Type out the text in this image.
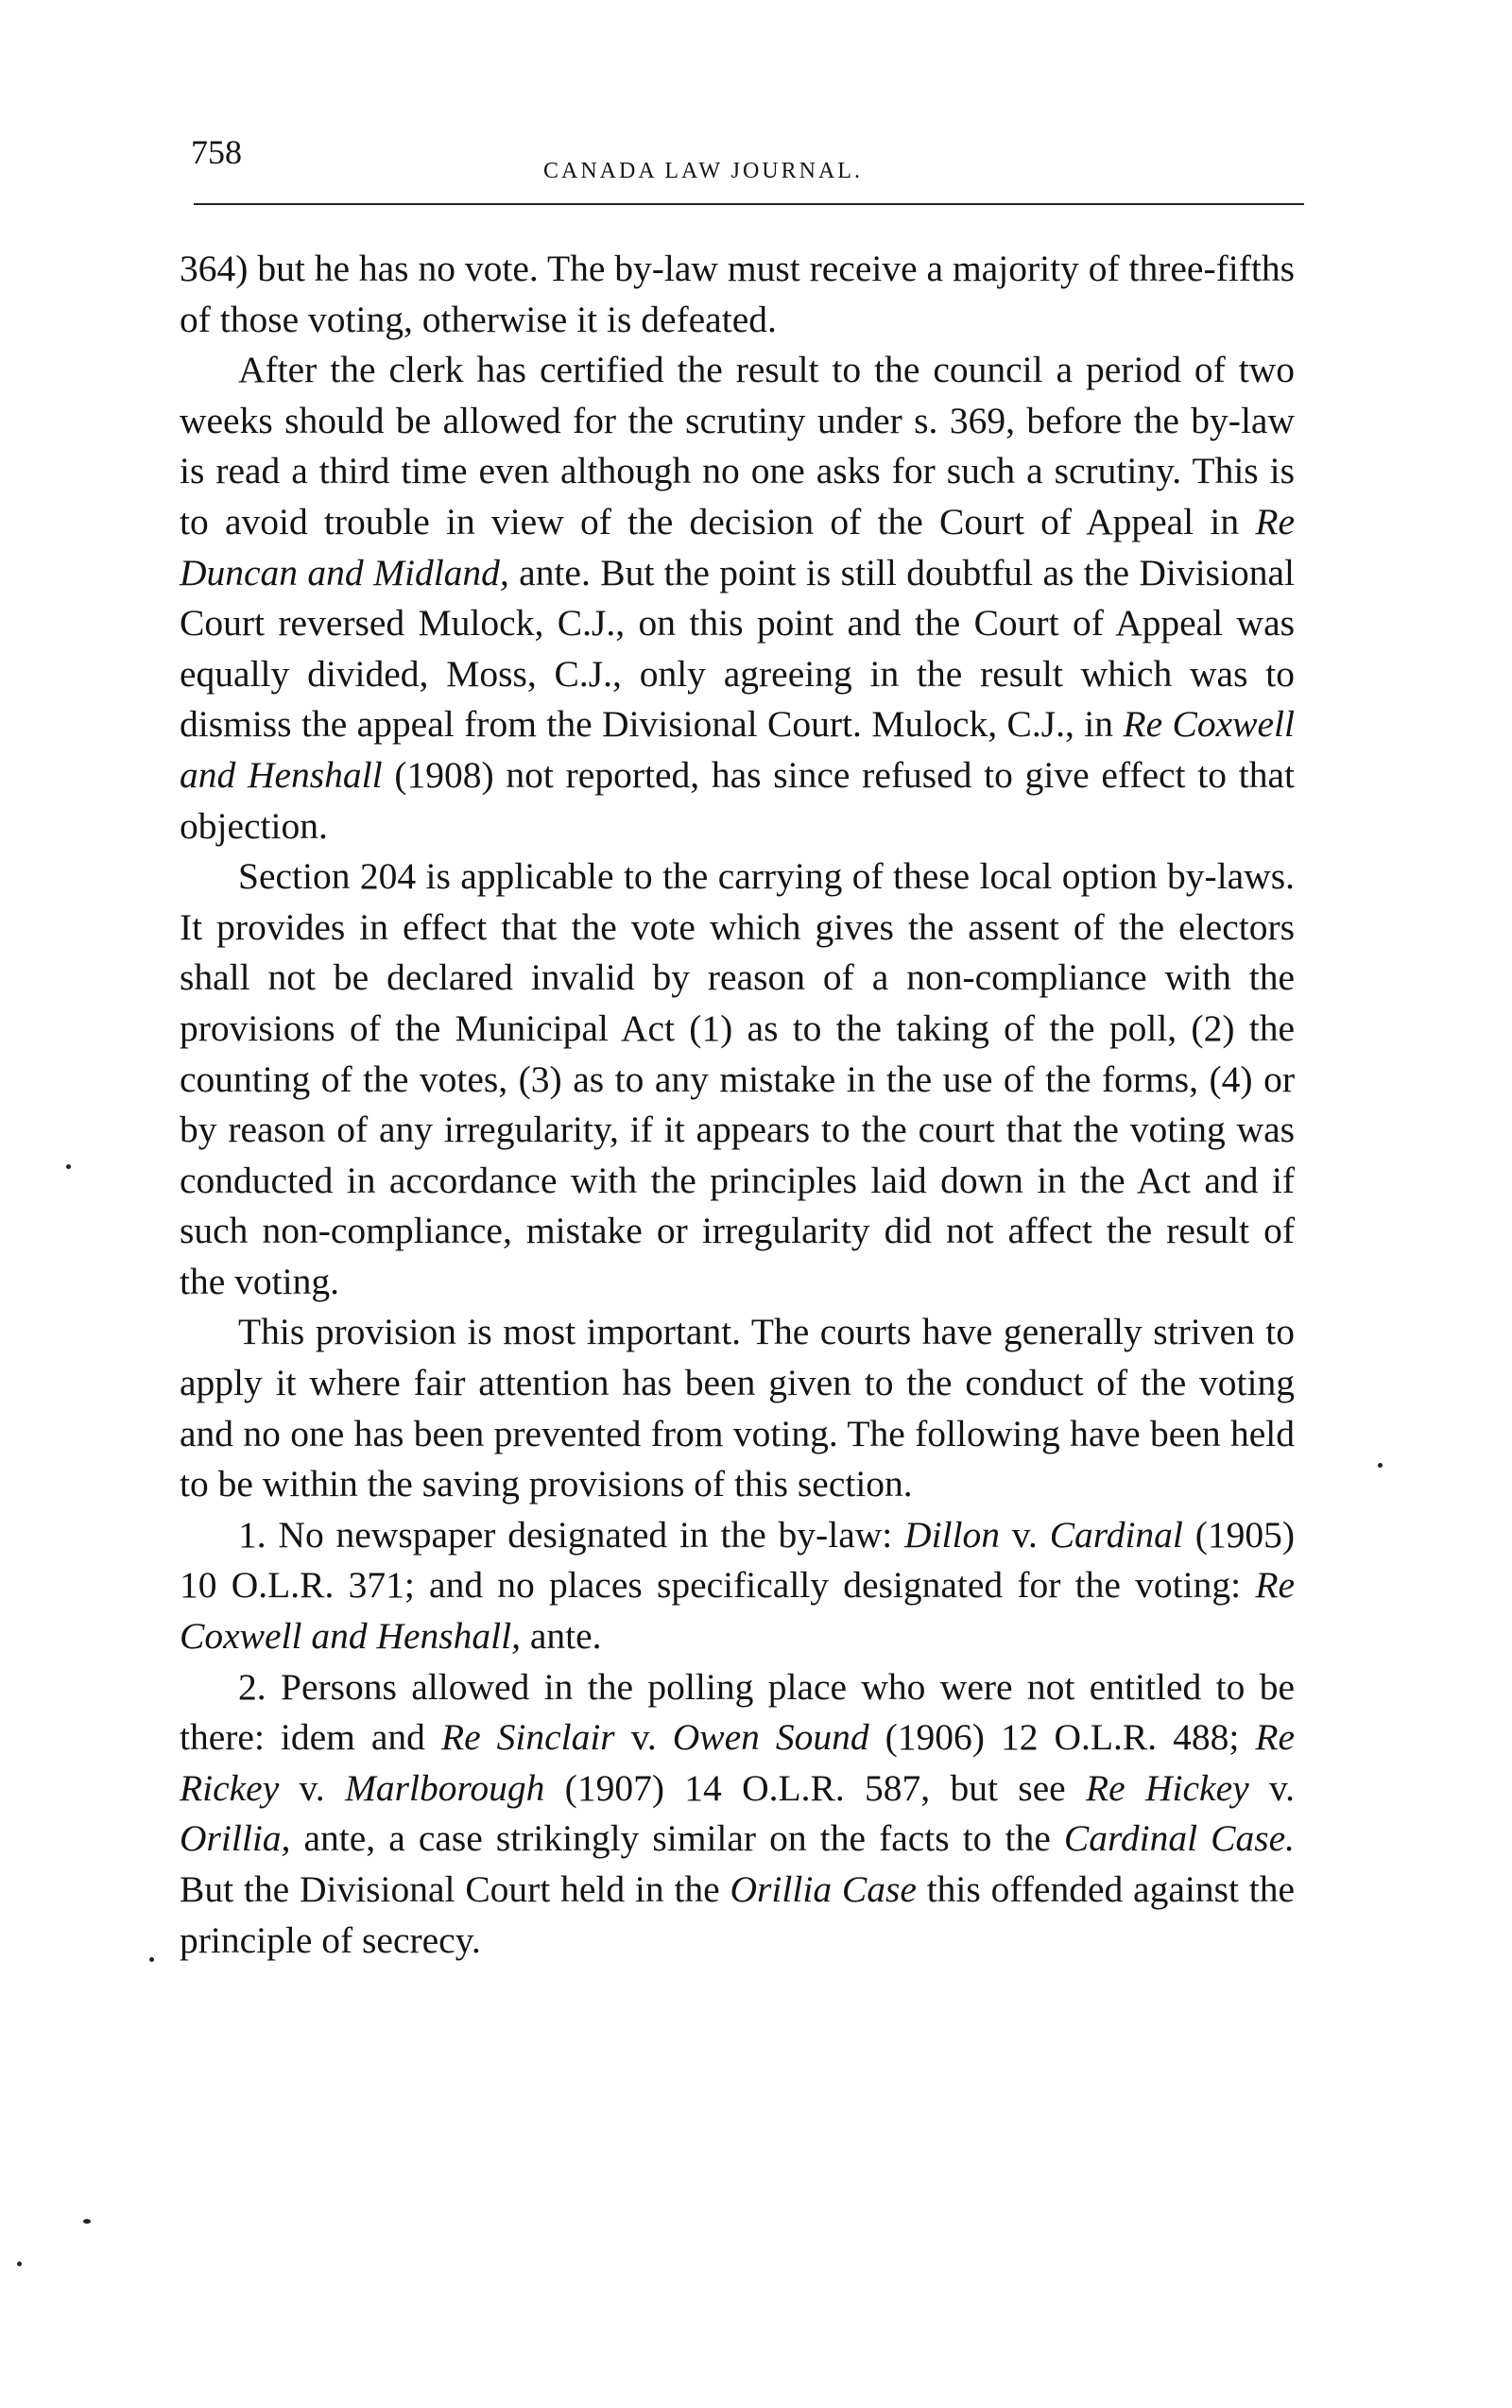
758	CANADA LAW JOURNAL.

364) but he has no vote. The by-law must receive a majority of three-fifths of those voting, otherwise it is defeated.

After the clerk has certified the result to the council a period of two weeks should be allowed for the scrutiny under s. 369, before the by-law is read a third time even although no one asks for such a scrutiny. This is to avoid trouble in view of the decision of the Court of Appeal in Re Duncan and Midland, ante. But the point is still doubtful as the Divisional Court reversed Mulock, C.J., on this point and the Court of Appeal was equally divided, Moss, C.J., only agreeing in the result which was to dismiss the appeal from the Divisional Court. Mulock, C.J., in Re Coxwell and Henshall (1908) not reported, has since refused to give effect to that objection.

Section 204 is applicable to the carrying of these local option by-laws. It provides in effect that the vote which gives the assent of the electors shall not be declared invalid by reason of a non-compliance with the provisions of the Municipal Act (1) as to the taking of the poll, (2) the counting of the votes, (3) as to any mistake in the use of the forms, (4) or by reason of any irregularity, if it appears to the court that the voting was conducted in accordance with the principles laid down in the Act and if such non-compliance, mistake or irregularity did not affect the result of the voting.

This provision is most important. The courts have generally striven to apply it where fair attention has been given to the conduct of the voting and no one has been prevented from voting. The following have been held to be within the saving provisions of this section.

1. No newspaper designated in the by-law: Dillon v. Cardinal (1905) 10 O.L.R. 371; and no places specifically designated for the voting: Re Coxwell and Henshall, ante.

2. Persons allowed in the polling place who were not entitled to be there: idem and Re Sinclair v. Owen Sound (1906) 12 O.L.R. 488; Re Rickey v. Marlborough (1907) 14 O.L.R. 587, but see Re Hickey v. Orillia, ante, a case strikingly similar on the facts to the Cardinal Case. But the Divisional Court held in the Orillia Case this offended against the principle of secrecy.
